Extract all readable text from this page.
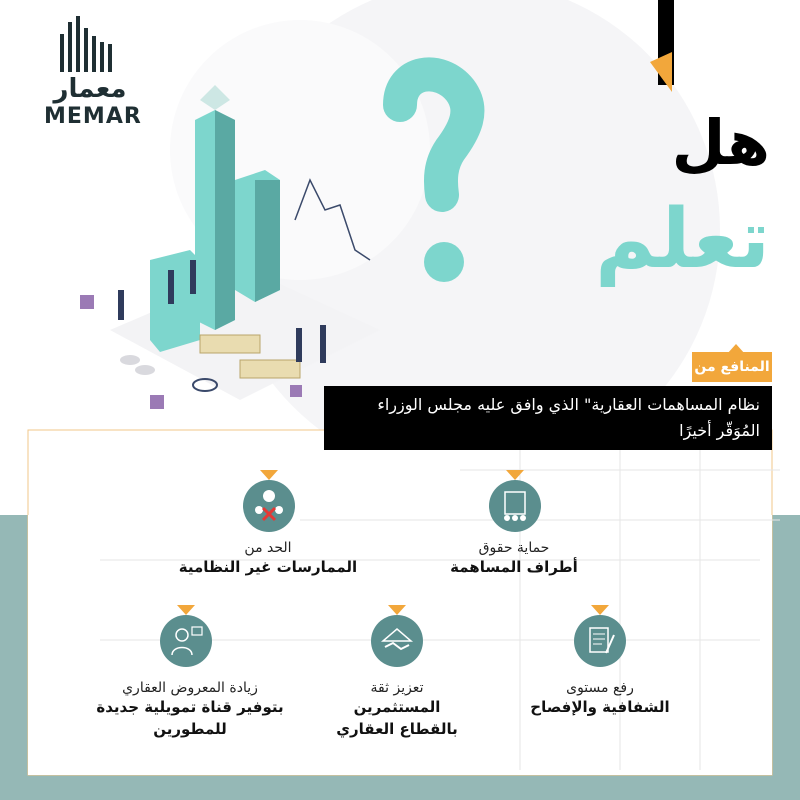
معمار
MEMAR	هل
تعلم
المنافع من
نظام المساهمات العقارية" الذي وافق عليه مجلس الوزراء المُوَقّر أخيرًا
حماية حقوق
أطراف المساهمة
الحد من
الممارسات غير النظامية
رفع مستوى
الشفافية والإفصاح
تعزيز ثقة
المستثمرين بالقطاع العقاري
زيادة المعروض العقاري
بتوفير قناة تمويلية جديدة للمطورين
